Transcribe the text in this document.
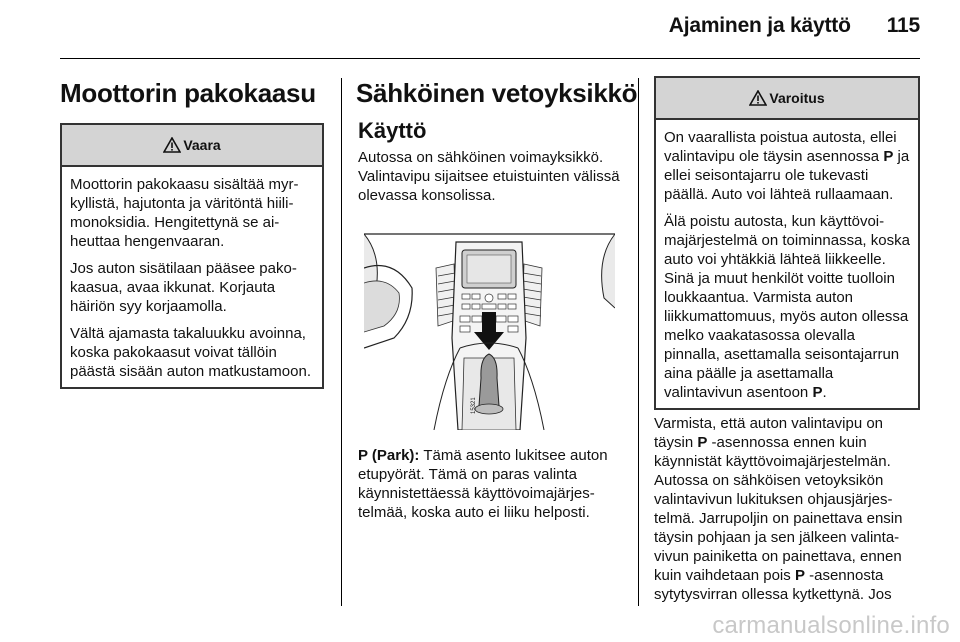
Ajaminen ja käyttö 115
Moottorin pakokaasu
Vaara

Moottorin pakokaasu sisältää myrkyllistä, hajutonta ja väritöntä hiilimonoksidia. Hengitettynä se aiheuttaa hengenvaaran.

Jos auton sisätilaan pääsee pakokaasua, avaa ikkunat. Korjauta häiriön syy korjaamolla.

Vältä ajamasta takaluukku avoinna, koska pakokaasut voivat tällöin päästä sisään auton matkustamoon.

Sähköinen vetoyksikkö
Käyttö

Autossa on sähköinen voimayksikkö. Valintavipu sijaitsee etuistuinten välissä olevassa konsolissa.

15321

P (Park): Tämä asento lukitsee auton etupyörät. Tämä on paras valinta käynnistettäessä käyttövoimajärjestelmää, koska auto ei liiku helposti.

Varoitus

On vaarallista poistua autosta, ellei valintavipu ole täysin asennossa P ja ellei seisontajarru ole tukevasti päällä. Auto voi lähteä rullaamaan.

Älä poistu autosta, kun käyttövoimajärjestelmä on toiminnassa, koska auto voi yhtäkkiä lähteä liikkeelle. Sinä ja muut henkilöt voitte tuolloin loukkaantua. Varmista auton liikkumattomuus, myös auton ollessa melko vaakatasossa olevalla pinnalla, asettamalla seisontajarrun aina päälle ja asettamalla valintavivun asentoon P.

Varmista, että auton valintavipu on täysin P -asennossa ennen kuin käynnistät käyttövoimajärjestelmän. Autossa on sähköisen vetoyksikön valintavivun lukituksen ohjausjärjestelmä. Jarrupoljin on painettava ensin täysin pohjaan ja sen jälkeen valintavivun painiketta on painettava, ennen kuin vaihdetaan pois P -asennosta sytytysvirran ollessa kytkettynä. Jos

carmanualsonline.info
